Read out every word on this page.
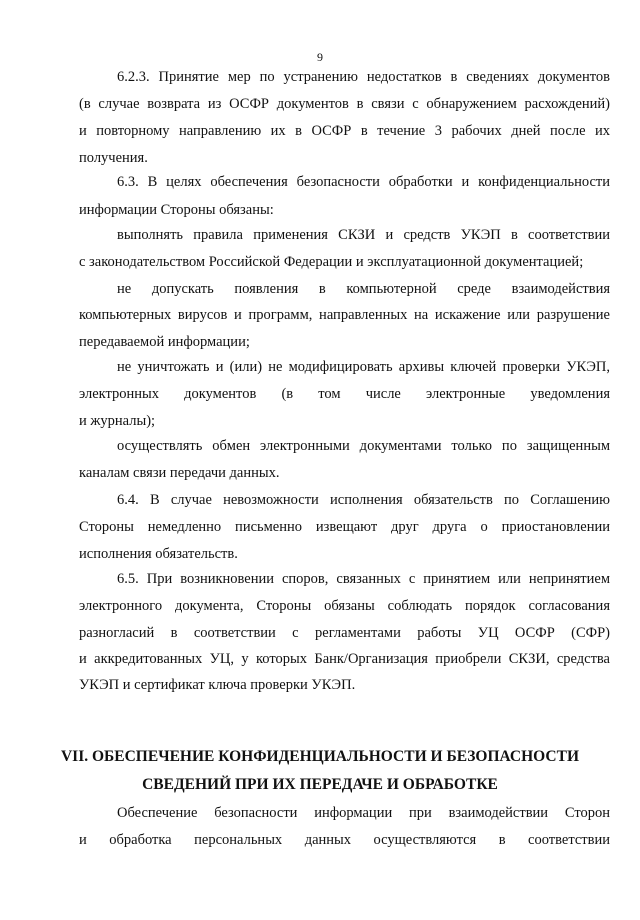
9
6.2.3. Принятие мер по устранению недостатков в сведениях документов
(в случае возврата из ОСФР документов в связи с обнаружением расхождений)
и повторному направлению их в ОСФР в течение 3 рабочих дней после их
получения.
6.3. В целях обеспечения безопасности обработки и конфиденциальности
информации Стороны обязаны:
выполнять правила применения СКЗИ и средств УКЭП в соответствии
с законодательством Российской Федерации и эксплуатационной документацией;
не допускать появления в компьютерной среде взаимодействия
компьютерных вирусов и программ, направленных на искажение или разрушение
передаваемой информации;
не уничтожать и (или) не модифицировать архивы ключей проверки УКЭП,
электронных документов (в том числе электронные уведомления
и журналы);
осуществлять обмен электронными документами только по защищенным
каналам связи передачи данных.
6.4. В случае невозможности исполнения обязательств по Соглашению
Стороны немедленно письменно извещают друг друга о приостановлении
исполнения обязательств.
6.5. При возникновении споров, связанных с принятием или непринятием
электронного документа, Стороны обязаны соблюдать порядок согласования
разногласий в соответствии с регламентами работы УЦ ОСФР (СФР)
и аккредитованных УЦ, у которых Банк/Организация приобрели СКЗИ, средства
УКЭП и сертификат ключа проверки УКЭП.
VII. ОБЕСПЕЧЕНИЕ КОНФИДЕНЦИАЛЬНОСТИ И БЕЗОПАСНОСТИ
СВЕДЕНИЙ ПРИ ИХ ПЕРЕДАЧЕ И ОБРАБОТКЕ
Обеспечение безопасности информации при взаимодействии Сторон
и обработка персональных данных осуществляются в соответствии
